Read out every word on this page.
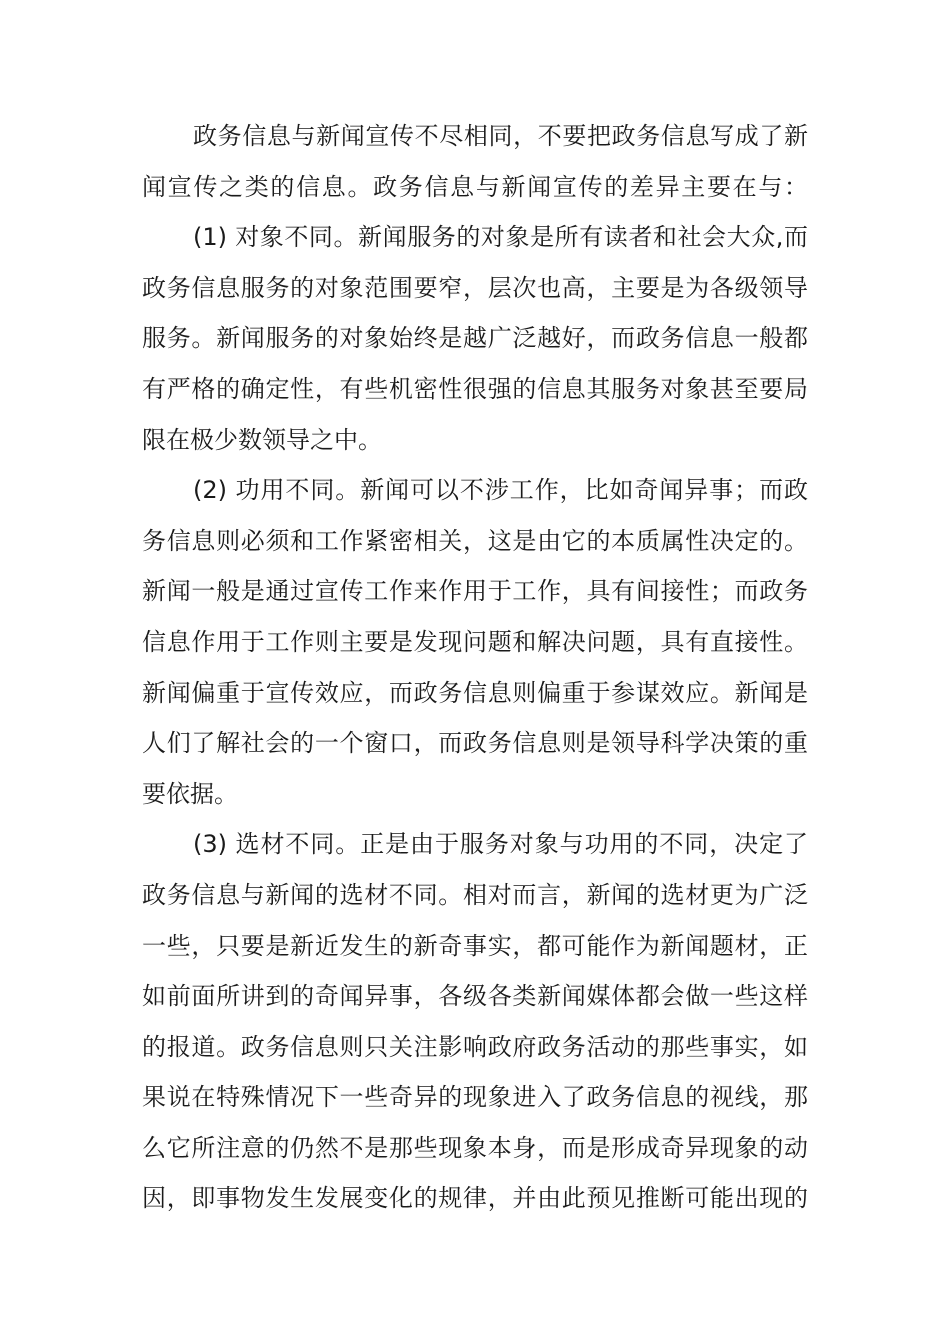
政务信息与新闻宣传不尽相同，不要把政务信息写成了新
闻宣传之类的信息。政务信息与新闻宣传的差异主要在与：
(1) 对象不同。新闻服务的对象是所有读者和社会大众,而
政务信息服务的对象范围要窄，层次也高，主要是为各级领导
服务。新闻服务的对象始终是越广泛越好，而政务信息一般都
有严格的确定性，有些机密性很强的信息其服务对象甚至要局
限在极少数领导之中。
(2) 功用不同。新闻可以不涉工作，比如奇闻异事；而政
务信息则必须和工作紧密相关，这是由它的本质属性决定的。
新闻一般是通过宣传工作来作用于工作，具有间接性；而政务
信息作用于工作则主要是发现问题和解决问题，具有直接性。
新闻偏重于宣传效应，而政务信息则偏重于参谋效应。新闻是
人们了解社会的一个窗口，而政务信息则是领导科学决策的重
要依据。
(3) 选材不同。正是由于服务对象与功用的不同，决定了
政务信息与新闻的选材不同。相对而言，新闻的选材更为广泛
一些，只要是新近发生的新奇事实，都可能作为新闻题材，正
如前面所讲到的奇闻异事，各级各类新闻媒体都会做一些这样
的报道。政务信息则只关注影响政府政务活动的那些事实，如
果说在特殊情况下一些奇异的现象进入了政务信息的视线，那
么它所注意的仍然不是那些现象本身，而是形成奇异现象的动
因，即事物发生发展变化的规律，并由此预见推断可能出现的
